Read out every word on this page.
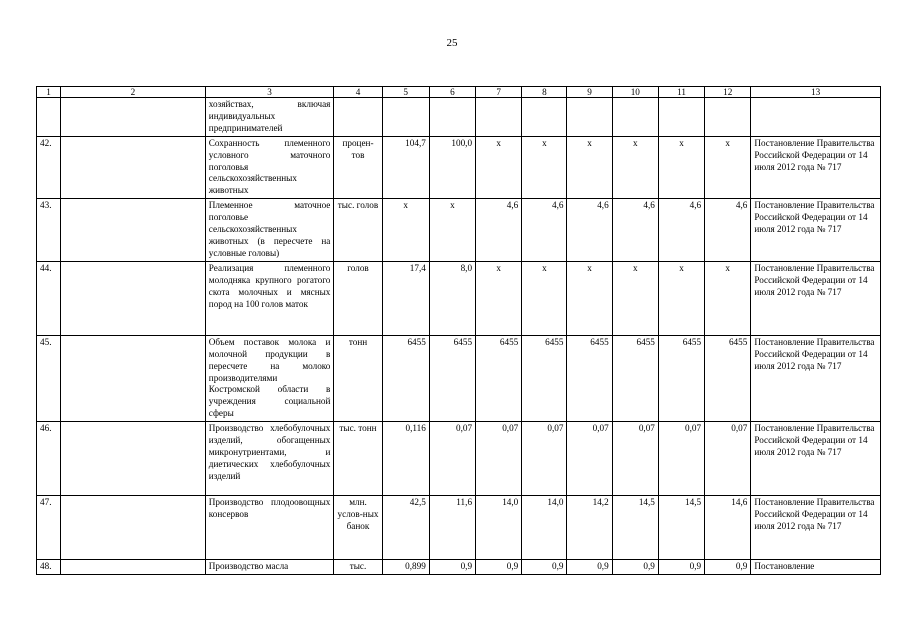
25
1	2	3	4	5	6	7	8	9	10	11	12	13
		хозяйствах, включая индивидуальных предпринимателей										
42.		Сохранность племенного условного маточного поголовья сельскохозяйственных животных	процен-тов	104,7	100,0	х	х	х	х	х	х	Постановление Правительства Российской Федерации от 14 июля 2012 года № 717
43.		Племенное маточное поголовье сельскохозяйственных животных (в пересчете на условные головы)	тыс. голов	х	х	4,6	4,6	4,6	4,6	4,6	4,6	Постановление Правительства Российской Федерации от 14 июля 2012 года № 717
44.		Реализация племенного молодняка крупного рогатого скота молочных и мясных пород на 100 голов маток	голов	17,4	8,0	х	х	х	х	х	х	Постановление Правительства Российской Федерации от 14 июля 2012 года № 717
45.		Объем поставок молока и молочной продукции в пересчете на молоко производителями Костромской области в учреждения социальной сферы	тонн	6455	6455	6455	6455	6455	6455	6455	6455	Постановление Правительства Российской Федерации от 14 июля 2012 года № 717
46.		Производство хлебобулочных изделий, обогащенных микронутриентами, и диетических хлебобулочных изделий	тыс. тонн	0,116	0,07	0,07	0,07	0,07	0,07	0,07	0,07	Постановление Правительства Российской Федерации от 14 июля 2012 года № 717
47.		Производство плодоовощных консервов	млн. услов-ных банок	42,5	11,6	14,0	14,0	14,2	14,5	14,5	14,6	Постановление Правительства Российской Федерации от 14 июля 2012 года № 717
48.		Производство масла	тыс.	0,899	0,9	0,9	0,9	0,9	0,9	0,9	0,9	Постановление
